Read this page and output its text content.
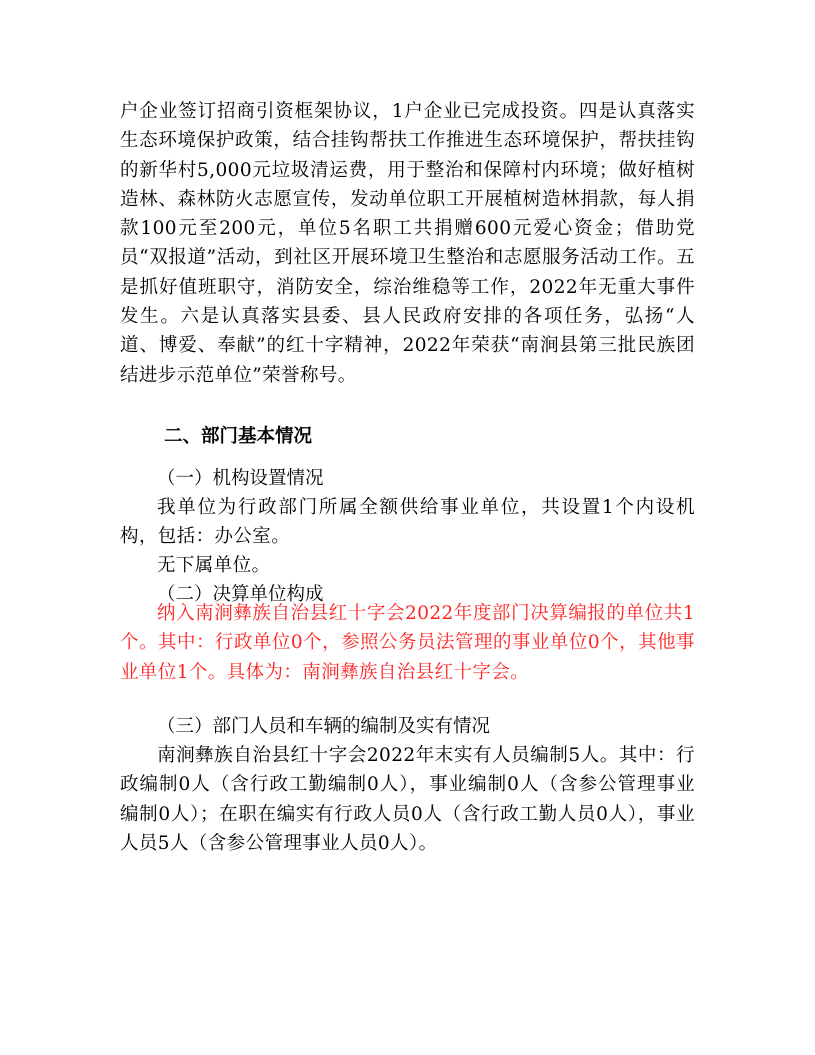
户企业签订招商引资框架协议，1户企业已完成投资。四是认真落实生态环境保护政策，结合挂钩帮扶工作推进生态环境保护，帮扶挂钩的新华村5,000元垃圾清运费，用于整治和保障村内环境；做好植树造林、森林防火志愿宣传，发动单位职工开展植树造林捐款，每人捐款100元至200元，单位5名职工共捐赠600元爱心资金；借助党员“双报道”活动，到社区开展环境卫生整治和志愿服务活动工作。五是抓好值班职守，消防安全，综治维稳等工作，2022年无重大事件发生。六是认真落实县委、县人民政府安排的各项任务，弘扬“人道、博爱、奉献”的红十字精神，2022年荣获“南涧县第三批民族团结进步示范单位”荣誉称号。

二、部门基本情况

（一）机构设置情况

我单位为行政部门所属全额供给事业单位，共设置1个内设机构，包括：办公室。

无下属单位。

（二）决算单位构成

纳入南涧彝族自治县红十字会2022年度部门决算编报的单位共1个。其中：行政单位0个，参照公务员法管理的事业单位0个，其他事业单位1个。具体为：南涧彝族自治县红十字会。

（三）部门人员和车辆的编制及实有情况

南涧彝族自治县红十字会2022年末实有人员编制5人。其中：行政编制0人（含行政工勤编制0人），事业编制0人（含参公管理事业编制0人）；在职在编实有行政人员0人（含行政工勤人员0人），事业人员5人（含参公管理事业人员0人）。
